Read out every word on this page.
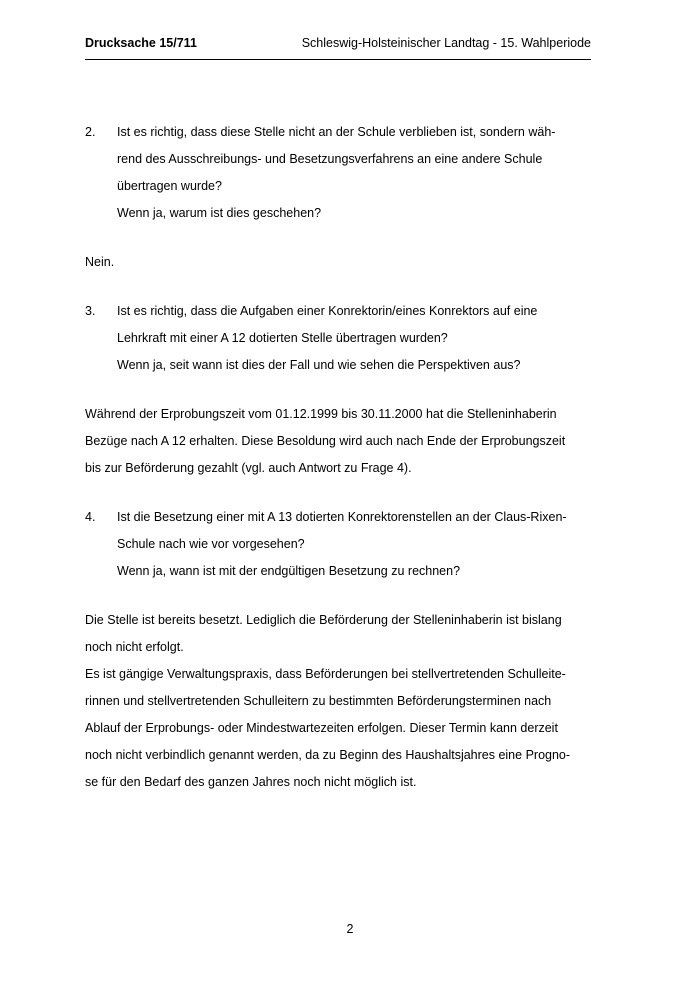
Drucksache 15/711	Schleswig-Holsteinischer Landtag - 15. Wahlperiode
2. Ist es richtig, dass diese Stelle nicht an der Schule verblieben ist, sondern wäh-
rend des Ausschreibungs- und Besetzungsverfahrens an eine andere Schule
übertragen wurde?
Wenn ja, warum ist dies geschehen?
Nein.
3. Ist es richtig, dass die Aufgaben einer Konrektorin/eines Konrektors auf eine
Lehrkraft mit einer A 12 dotierten Stelle übertragen wurden?
Wenn ja, seit wann ist dies der Fall und wie sehen die Perspektiven aus?
Während der Erprobungszeit vom 01.12.1999 bis 30.11.2000 hat die Stelleninhaberin
Bezüge nach A 12 erhalten. Diese Besoldung wird auch nach Ende der Erprobungszeit
bis zur Beförderung gezahlt (vgl. auch Antwort zu Frage 4).
4. Ist die Besetzung einer mit A 13 dotierten Konrektorenstellen an der Claus-Rixen-
Schule nach wie vor vorgesehen?
Wenn ja, wann ist mit der endgültigen Besetzung zu rechnen?
Die Stelle ist bereits besetzt. Lediglich die Beförderung der Stelleninhaberin ist bislang
noch nicht erfolgt.
Es ist gängige Verwaltungspraxis, dass Beförderungen bei stellvertretenden Schulleite-
rinnen und stellvertretenden Schulleitern zu bestimmten Beförderungsterminen nach
Ablauf der Erprobungs- oder Mindestwartezeiten erfolgen. Dieser Termin kann derzeit
noch nicht verbindlich genannt werden, da zu Beginn des Haushaltsjahres eine Progno-
se für den Bedarf des ganzen Jahres noch nicht möglich ist.
2
